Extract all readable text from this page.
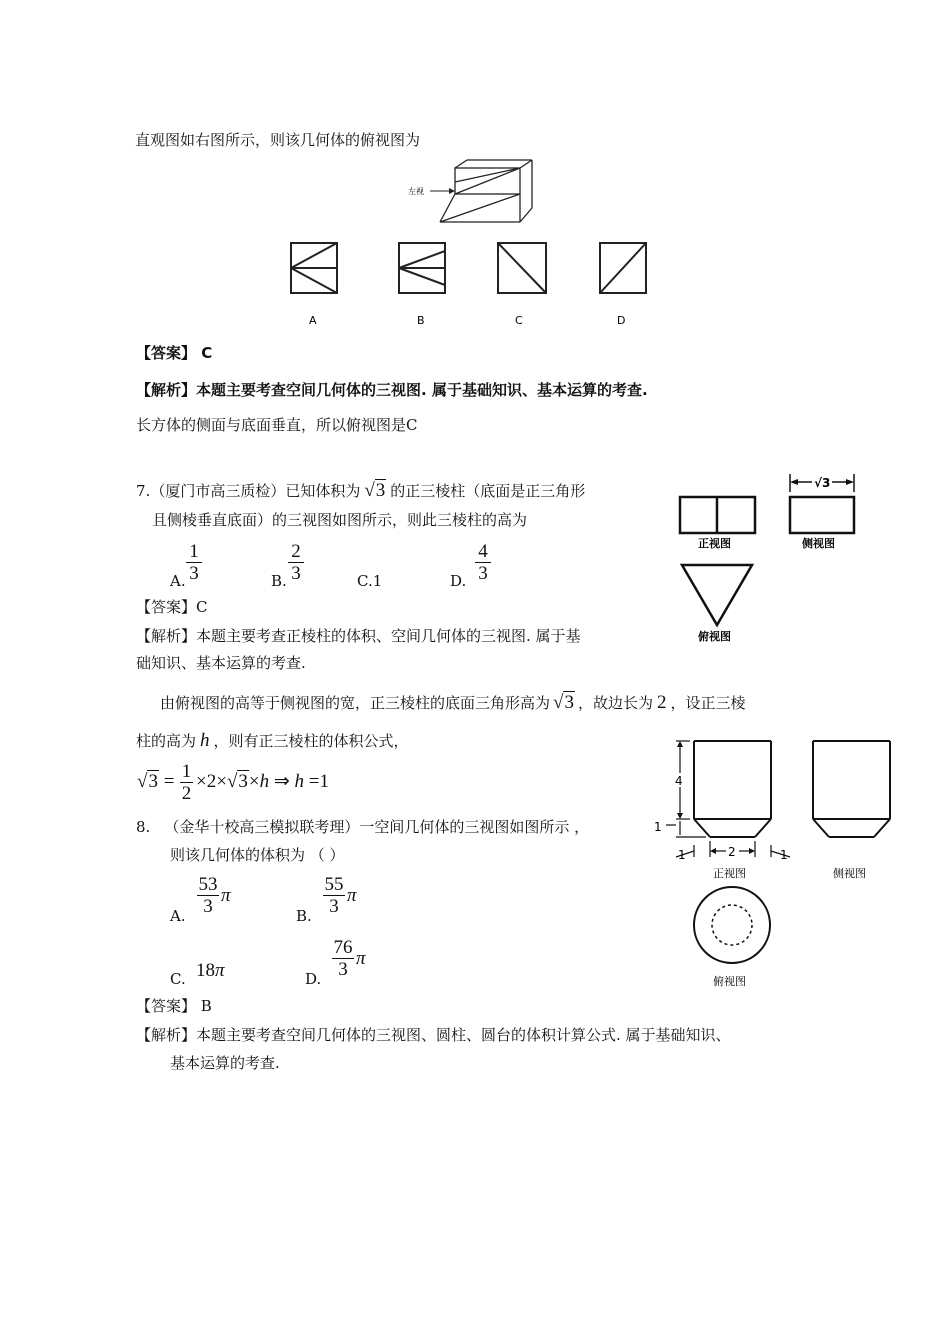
直观图如右图所示，则该几何体的俯视图为
左视
A	B	C	D
【答案】 C
【解析】本题主要考查空间几何体的三视图. 属于基础知识、基本运算的考查.
长方体的侧面与底面垂直，所以俯视图是C
7.（厦门市高三质检）已知体积为 √3 的正三棱柱（底面是正三角形
且侧棱垂直底面）的三视图如图所示，则此三棱柱的高为
A. $\frac{1}{3}$	B. $\frac{2}{3}$	C.1	D. $\frac{4}{3}$
【答案】C
【解析】本题主要考查正棱柱的体积、空间几何体的三视图. 属于基
础知识、基本运算的考查.
由俯视图的高等于侧视图的宽，正三棱柱的底面三角形高为 √3 ，故边长为 2 ，设正三棱
柱的高为 h ，则有正三棱柱的体积公式，
$√3 = \frac{1}{2} \times 2\times√3\times h$ ⇒ h =1
√3
正视图	侧视图
俯视图
8. （金华十校高三模拟联考理）一空间几何体的三视图如图所示 ，
则该几何体的体积为 （ ）
A. $\frac{53}{3}$ π
B. $\frac{55}{3}$ π
C. 18π	D. $\frac{76}{3}$ π
【答案】 B
【解析】本题主要考查空间几何体的三视图、圆柱、圆台的体积计算公式. 属于基础知识、
基本运算的考查.
4
1
1	2	1
正视图	侧视图
俯视图
